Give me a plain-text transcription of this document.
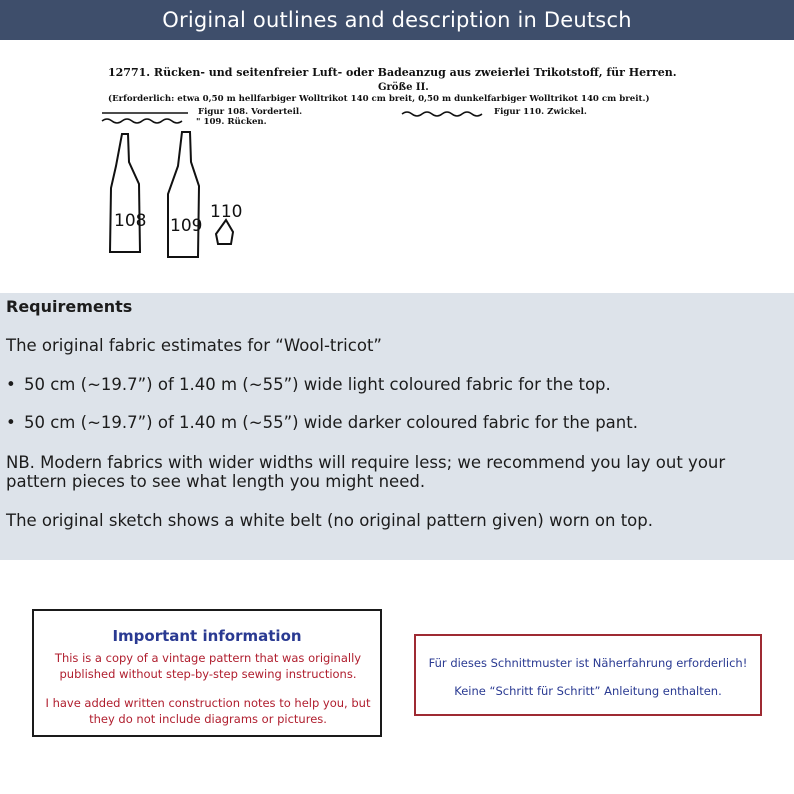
Original outlines and description in Deutsch
12771. Rücken- und seitenfreier Luft- oder Badeanzug aus zweierlei Trikotstoff, für Herren.
Größe II.
(Erforderlich: etwa 0,50 m hellfarbiger Wolltrikot 140 cm breit, 0,50 m dunkelfarbiger Wolltrikot 140 cm breit.)
Figur 108. Vorderteil.
" 109. Rücken.
Figur 110. Zwickel.
108 109
110
Requirements
The original fabric estimates for “Wool-tricot”
• 50 cm (~19.7”) of 1.40 m (~55”) wide light coloured fabric for the top.
• 50 cm (~19.7”) of 1.40 m (~55”) wide darker coloured fabric for the pant.
NB. Modern fabrics with wider widths will require less; we recommend you lay out your pattern pieces to see what length you might need.
The original sketch shows a white belt (no original pattern given) worn on top.
Important information
This is a copy of a vintage pattern that was originally published without step-by-step sewing instructions.
I have added written construction notes to help you, but they do not include diagrams or pictures.
Für dieses Schnittmuster ist Näherfahrung erforderlich!
Keine “Schritt für Schritt” Anleitung enthalten.
